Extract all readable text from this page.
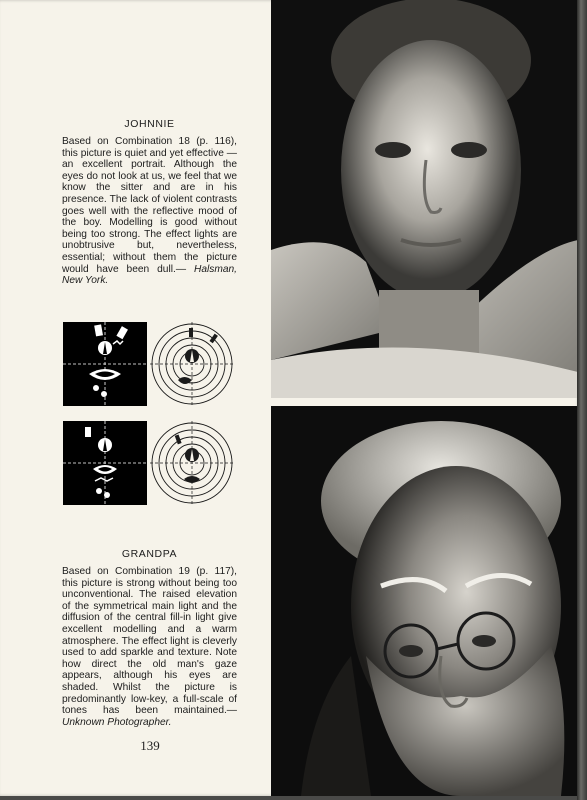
JOHNNIE
Based on Combination 18 (p. 116), this picture is quiet and yet effective —an excellent portrait. Although the eyes do not look at us, we feel that we know the sitter and are in his presence. The lack of violent contrasts goes well with the reflective mood of the boy. Modelling is good without being too strong. The effect lights are unobtrusive but, nevertheless, essential; without them the picture would have been dull.— Halsman, New York.
GRANDPA
Based on Combination 19 (p. 117), this picture is strong without being too unconventional. The raised elevation of the symmetrical main light and the diffusion of the central fill-in light give excellent modelling and a warm atmosphere. The effect light is cleverly used to add sparkle and texture. Note how direct the old man's gaze appears, although his eyes are shaded. Whilst the picture is predominantly low-key, a full-scale of tones has been maintained.— Unknown Photographer.
139
